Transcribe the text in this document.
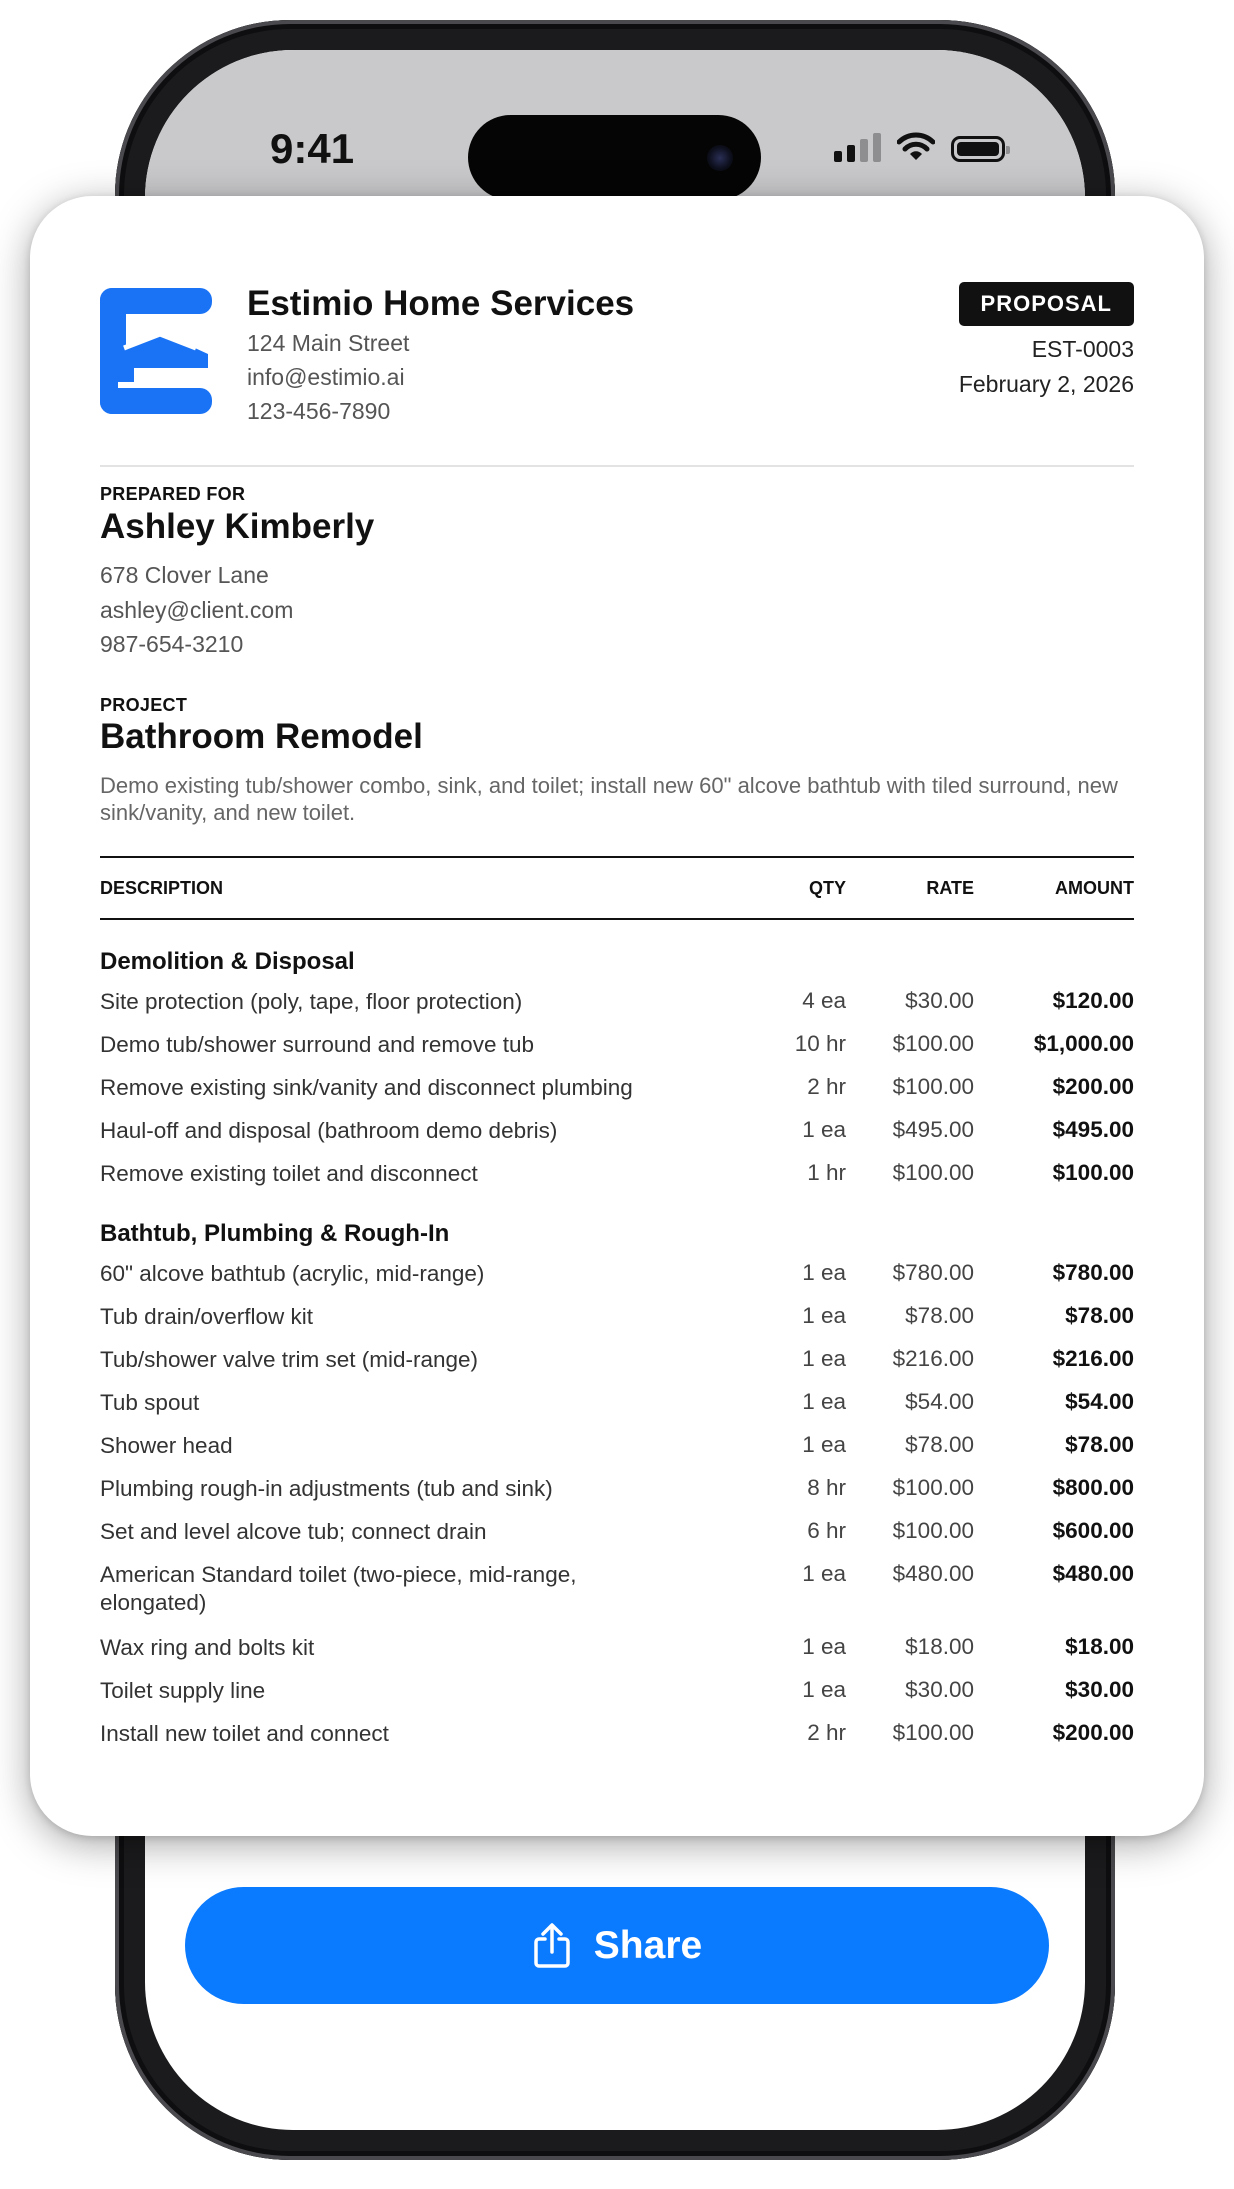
9:41
Estimio Home Services
124 Main Street
info@estimio.ai
123-456-7890
PROPOSAL
EST-0003
February 2, 2026
PREPARED FOR
Ashley Kimberly
678 Clover Lane
ashley@client.com
987-654-3210
PROJECT
Bathroom Remodel
Demo existing tub/shower combo, sink, and toilet; install new 60" alcove bathtub with tiled surround, new sink/vanity, and new toilet.
DESCRIPTION	QTY	RATE	AMOUNT
Demolition & Disposal
Site protection (poly, tape, floor protection)	4 ea	$30.00	$120.00
Demo tub/shower surround and remove tub	10 hr $100.00	$1,000.00
Remove existing sink/vanity and disconnect plumbing	2 hr $100.00	$200.00
Haul-off and disposal (bathroom demo debris)	1 ea $495.00	$495.00
Remove existing toilet and disconnect	1 hr $100.00	$100.00
Bathtub, Plumbing & Rough-In
60" alcove bathtub (acrylic, mid-range)	1 ea $780.00	$780.00
Tub drain/overflow kit	1 ea	$78.00	$78.00
Tub/shower valve trim set (mid-range)	1 ea $216.00	$216.00
Tub spout	1 ea	$54.00	$54.00
Shower head	1 ea	$78.00	$78.00
Plumbing rough-in adjustments (tub and sink)	8 hr $100.00	$800.00
Set and level alcove tub; connect drain	6 hr $100.00	$600.00
American Standard toilet (two-piece, mid-range, elongated)
1 ea $480.00	$480.00
Wax ring and bolts kit	1 ea	$18.00	$18.00
Toilet supply line	1 ea	$30.00	$30.00
Install new toilet and connect	2 hr $100.00	$200.00
Share
